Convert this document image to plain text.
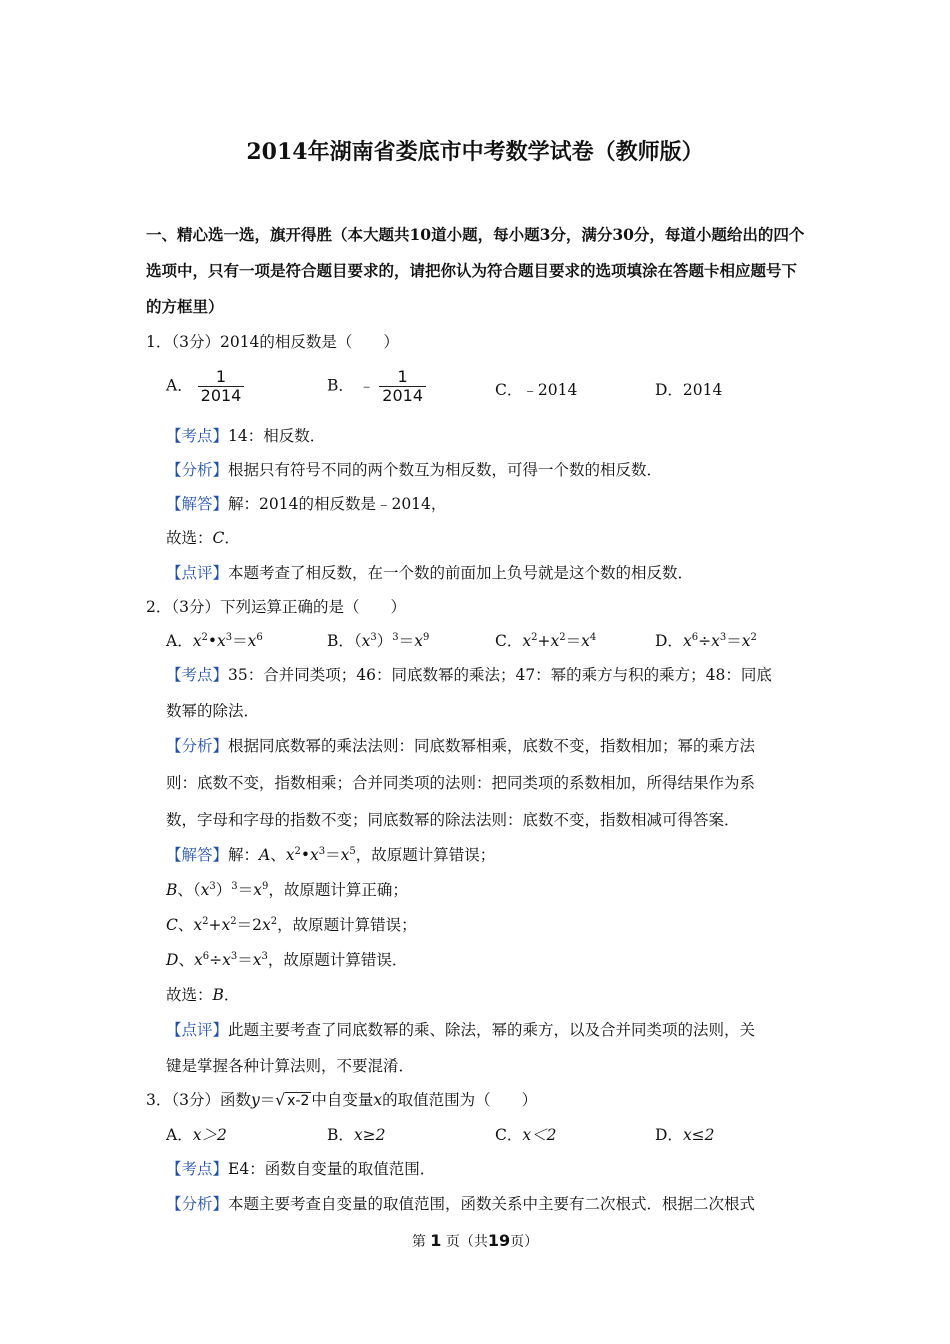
2014年湖南省娄底市中考数学试卷（教师版）
一、精心选一选，旗开得胜（本大题共10道小题，每小题3分，满分30分，每道小题给出的四个选项中，只有一项是符合题目要求的，请把你认为符合题目要求的选项填涂在答题卡相应题号下的方框里）
1．（3分）2014的相反数是（　　）
A． $\frac{1}{2014}$	B． ﹣ $\frac{1}{2014}$	C．﹣2014	D．2014
【考点】14：相反数．
【分析】根据只有符号不同的两个数互为相反数，可得一个数的相反数．
【解答】解：2014的相反数是﹣2014，
故选：C．
【点评】本题考查了相反数，在一个数的前面加上负号就是这个数的相反数．
2．（3分）下列运算正确的是（　　）
A．$x^2•x^3=x^6$	B．$(x^3)^3=x^9$	C．$x^2+x^2=x^4$	D．$x^6\div x^3=x^2$
【考点】35：合并同类项；46：同底数幂的乘法；47：幂的乘方与积的乘方；48：同底
数幂的除法．
【分析】根据同底数幂的乘法法则：同底数幂相乘，底数不变，指数相加；幂的乘方法
则：底数不变，指数相乘；合并同类项的法则：把同类项的系数相加，所得结果作为系
数，字母和字母的指数不变；同底数幂的除法法则：底数不变，指数相减可得答案．
【解答】解：A、$x^2•x^3=x^5$，故原题计算错误；
B、$(x^3)^3=x^9$，故原题计算正确；
C、$x^2+x^2=2x^2$，故原题计算错误；
D、$x^6\div x^3=x^3$，故原题计算错误．
故选：B．
【点评】此题主要考查了同底数幂的乘、除法，幂的乘方，以及合并同类项的法则，关
键是掌握各种计算法则，不要混淆．
3．（3分）函数y＝√ x-2 中自变量x的取值范围为（　　）
A．x＞2	B．x≥2	C．x＜2	D．x≤2
【考点】E4：函数自变量的取值范围．
【分析】本题主要考查自变量的取值范围，函数关系中主要有二次根式．根据二次根式
第 1 页（共19页）
